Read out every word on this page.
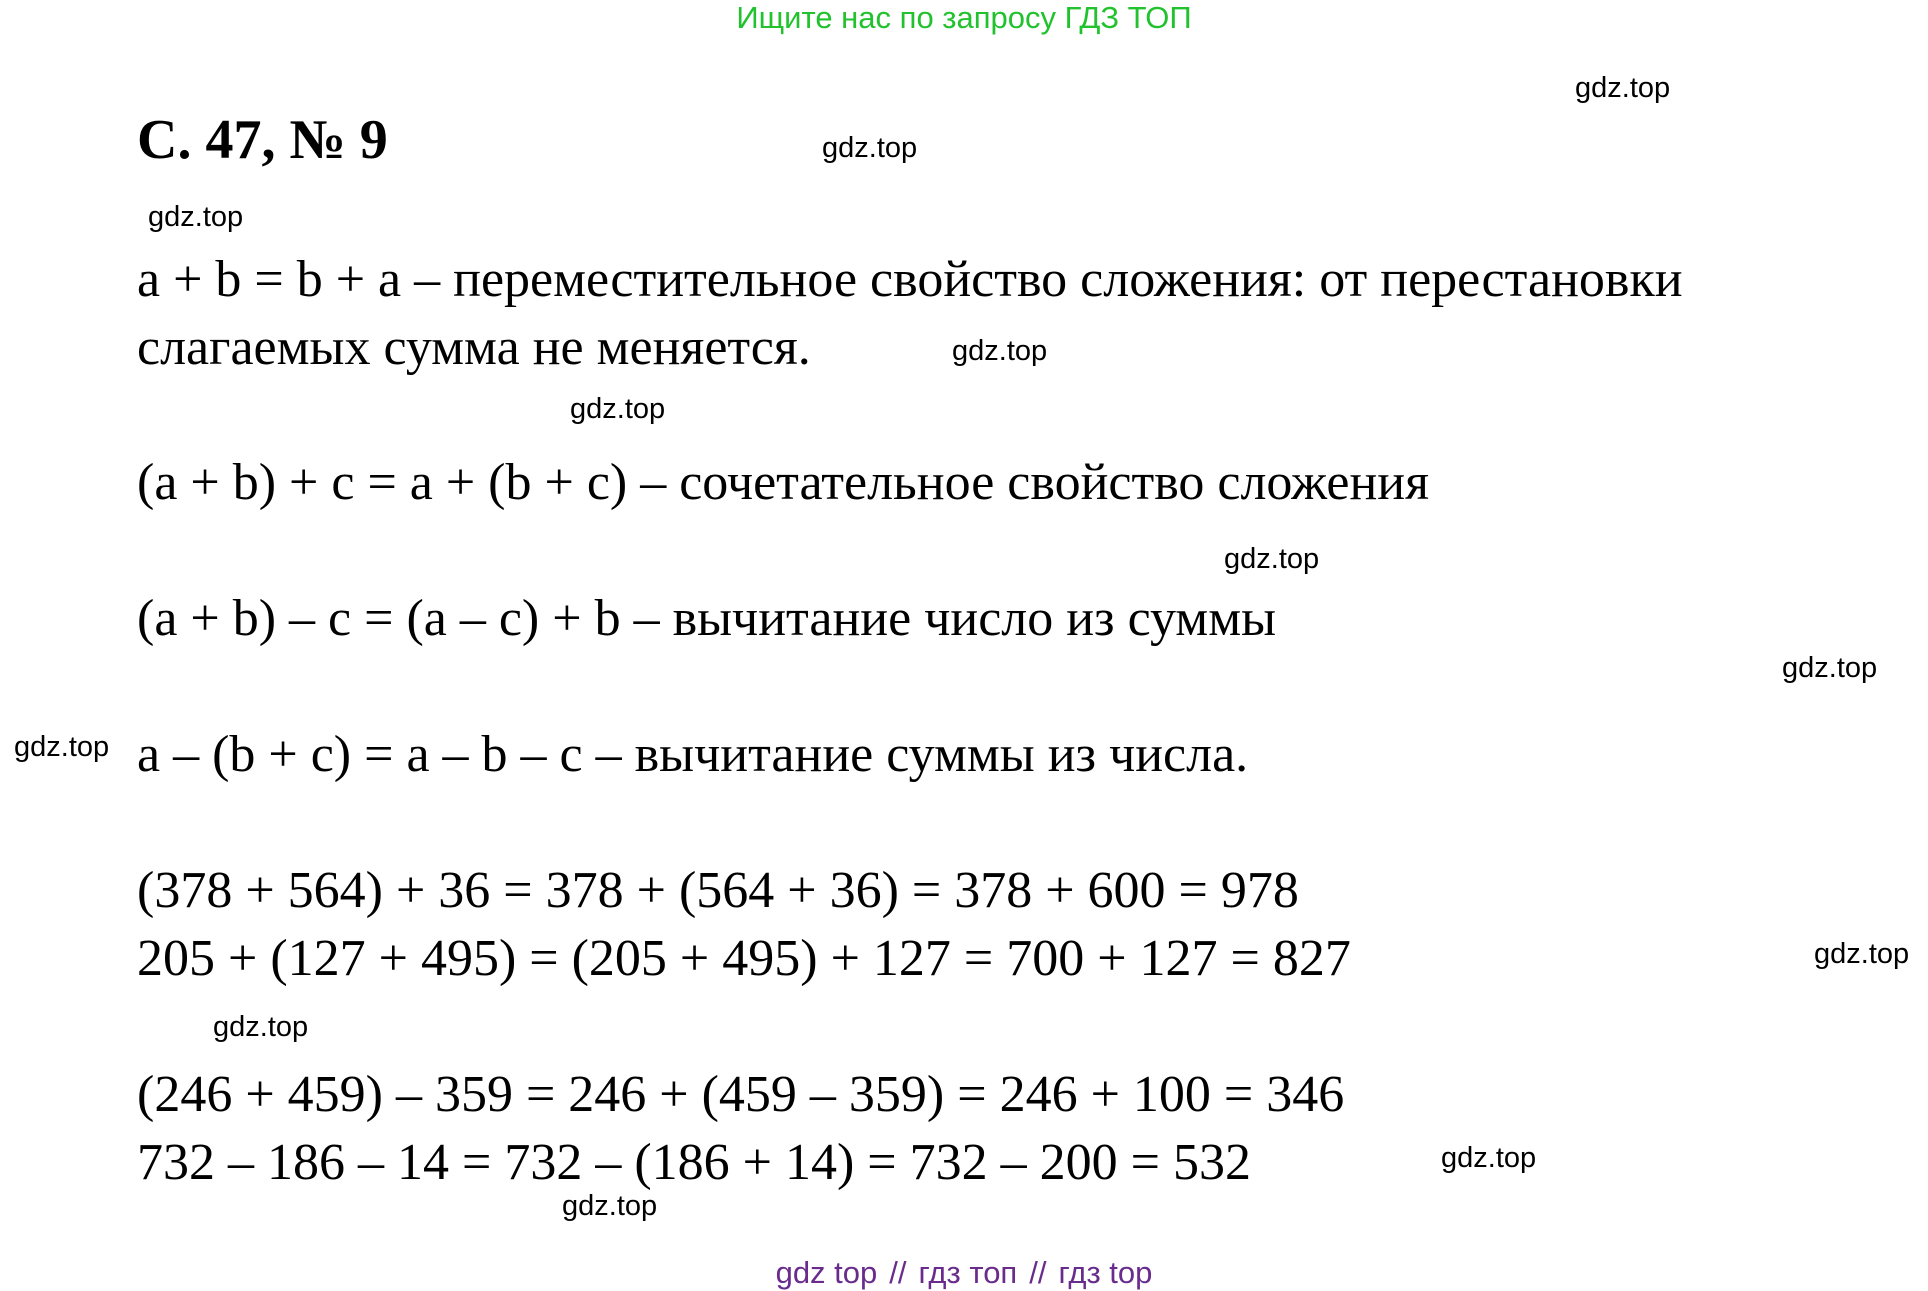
Ищите нас по запросу ГДЗ ТОП
С. 47, № 9
a + b = b + a – переместительное свойство сложения: от перестановки
слагаемых сумма не меняется.
(a + b) + c = a + (b + c) – сочетательное свойство сложения
(a + b) – c = (a – c) + b – вычитание число из суммы
a – (b + c) = a – b – c – вычитание суммы из числа.
(378 + 564) + 36 = 378 + (564 + 36) = 378 + 600 = 978
205 + (127 + 495) = (205 + 495) + 127 = 700 + 127 = 827
(246 + 459) – 359 = 246 + (459 – 359) = 246 + 100 = 346
732 – 186 – 14 = 732 – (186 + 14) = 732 – 200 = 532
gdz.top
gdz.top
gdz.top
gdz.top
gdz.top
gdz.top
gdz.top
gdz.top
gdz.top
gdz.top
gdz.top
gdz.top
gdz top // гдз топ // гдз top
